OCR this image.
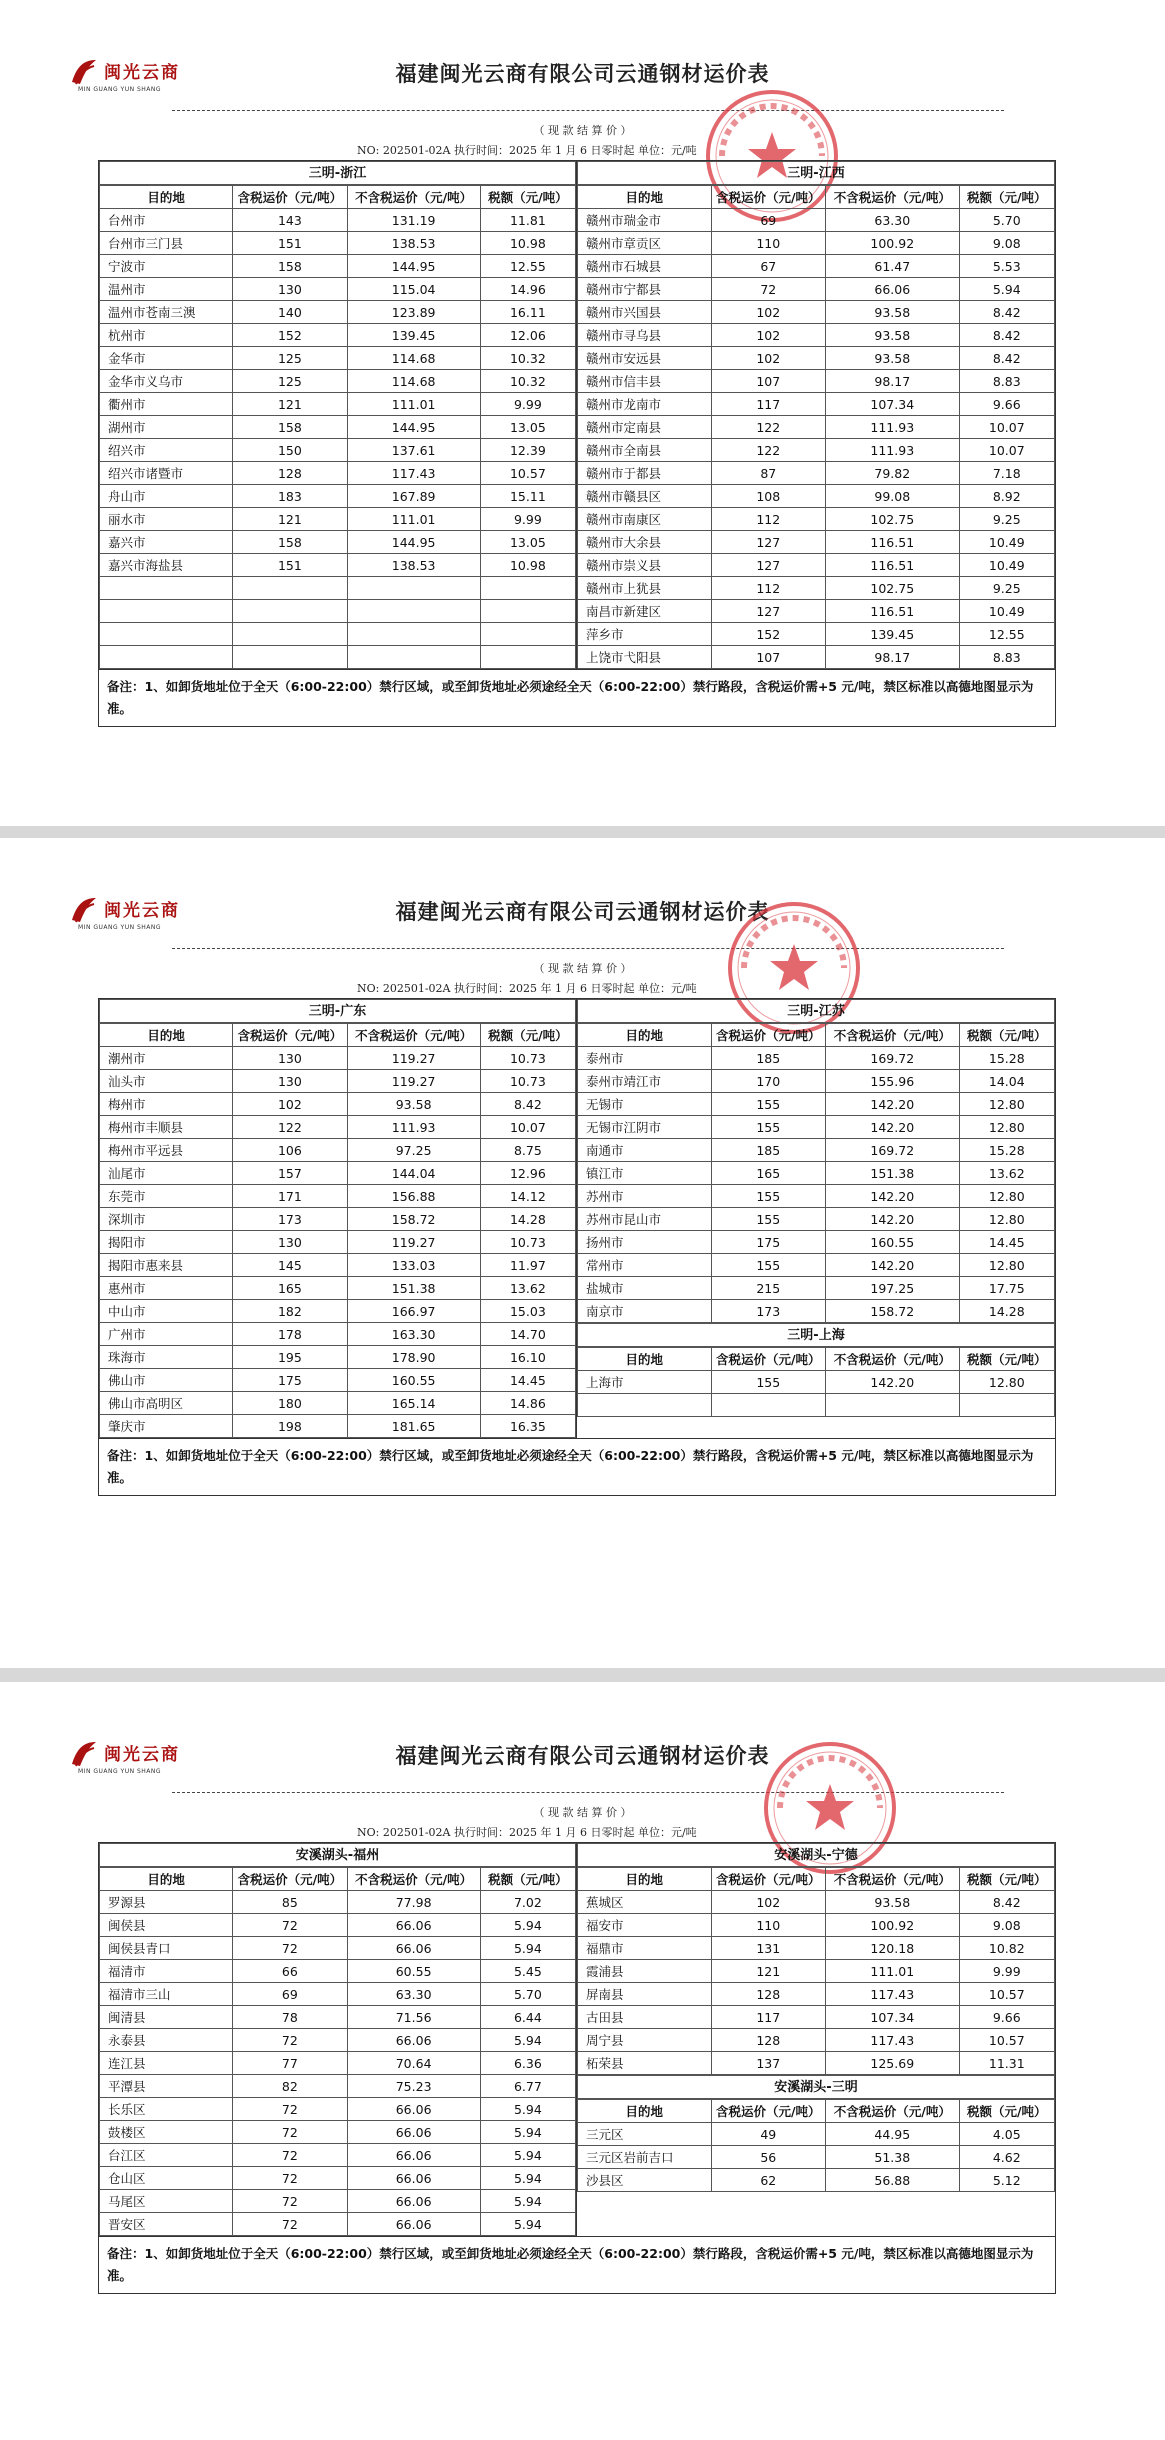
闽光云商
MIN GUANG YUN SHANG
福建闽光云商有限公司云通钢材运价表
（ 现 款 结 算 价 ）
NO: 202501-02A 执行时间：2025 年 1 月 6 日零时起 单位：元/吨
三明-浙江
目的地	含税运价（元/吨）	不含税运价（元/吨）	税额（元/吨）
台州市	143	131.19	11.81
台州市三门县	151	138.53	10.98
宁波市	158	144.95	12.55
温州市	130	115.04	14.96
温州市苍南三澳	140	123.89	16.11
杭州市	152	139.45	12.06
金华市	125	114.68	10.32
金华市义乌市	125	114.68	10.32
衢州市	121	111.01	9.99
湖州市	158	144.95	13.05
绍兴市	150	137.61	12.39
绍兴市诸暨市	128	117.43	10.57
舟山市	183	167.89	15.11
丽水市	121	111.01	9.99
嘉兴市	158	144.95	13.05
嘉兴市海盐县	151	138.53	10.98

三明-江西
目的地	含税运价（元/吨）	不含税运价（元/吨）	税额（元/吨）
赣州市瑞金市	69	63.30	5.70
赣州市章贡区	110	100.92	9.08
赣州市石城县	67	61.47	5.53
赣州市宁都县	72	66.06	5.94
赣州市兴国县	102	93.58	8.42
赣州市寻乌县	102	93.58	8.42
赣州市安远县	102	93.58	8.42
赣州市信丰县	107	98.17	8.83
赣州市龙南市	117	107.34	9.66
赣州市定南县	122	111.93	10.07
赣州市全南县	122	111.93	10.07
赣州市于都县	87	79.82	7.18
赣州市赣县区	108	99.08	8.92
赣州市南康区	112	102.75	9.25
赣州市大余县	127	116.51	10.49
赣州市崇义县	127	116.51	10.49
赣州市上犹县	112	102.75	9.25
南昌市新建区	127	116.51	10.49
萍乡市	152	139.45	12.55
上饶市弋阳县	107	98.17	8.83
备注：1、如卸货地址位于全天（6:00-22:00）禁行区域，或至卸货地址必须途经全天（6:00-22:00）禁行路段，含税运价需+5 元/吨，禁区标准以高德地图显示为准。
闽光云商
MIN GUANG YUN SHANG
福建闽光云商有限公司云通钢材运价表
（ 现 款 结 算 价 ）
NO: 202501-02A 执行时间：2025 年 1 月 6 日零时起 单位：元/吨
三明-广东
目的地	含税运价（元/吨）	不含税运价（元/吨）	税额（元/吨）
潮州市	130	119.27	10.73
汕头市	130	119.27	10.73
梅州市	102	93.58	8.42
梅州市丰顺县	122	111.93	10.07
梅州市平远县	106	97.25	8.75
汕尾市	157	144.04	12.96
东莞市	171	156.88	14.12
深圳市	173	158.72	14.28
揭阳市	130	119.27	10.73
揭阳市惠来县	145	133.03	11.97
惠州市	165	151.38	13.62
中山市	182	166.97	15.03
广州市	178	163.30	14.70
珠海市	195	178.90	16.10
佛山市	175	160.55	14.45
佛山市高明区	180	165.14	14.86
肇庆市	198	181.65	16.35
三明-江苏
目的地	含税运价（元/吨）	不含税运价（元/吨）	税额（元/吨）
泰州市	185	169.72	15.28
泰州市靖江市	170	155.96	14.04
无锡市	155	142.20	12.80
无锡市江阴市	155	142.20	12.80
南通市	185	169.72	15.28
镇江市	165	151.38	13.62
苏州市	155	142.20	12.80
苏州市昆山市	155	142.20	12.80
扬州市	175	160.55	14.45
常州市	155	142.20	12.80
盐城市	215	197.25	17.75
南京市	173	158.72	14.28
三明-上海
目的地	含税运价（元/吨）	不含税运价（元/吨）	税额（元/吨）
上海市	155	142.20	12.80

备注：1、如卸货地址位于全天（6:00-22:00）禁行区域，或至卸货地址必须途经全天（6:00-22:00）禁行路段，含税运价需+5 元/吨，禁区标准以高德地图显示为准。
闽光云商
MIN GUANG YUN SHANG
福建闽光云商有限公司云通钢材运价表
（ 现 款 结 算 价 ）
NO: 202501-02A 执行时间：2025 年 1 月 6 日零时起 单位：元/吨
安溪湖头-福州
目的地	含税运价（元/吨）	不含税运价（元/吨）	税额（元/吨）
罗源县	85	77.98	7.02
闽侯县	72	66.06	5.94
闽侯县青口	72	66.06	5.94
福清市	66	60.55	5.45
福清市三山	69	63.30	5.70
闽清县	78	71.56	6.44
永泰县	72	66.06	5.94
连江县	77	70.64	6.36
平潭县	82	75.23	6.77
长乐区	72	66.06	5.94
鼓楼区	72	66.06	5.94
台江区	72	66.06	5.94
仓山区	72	66.06	5.94
马尾区	72	66.06	5.94
晋安区	72	66.06	5.94
安溪湖头-宁德
目的地	含税运价（元/吨）	不含税运价（元/吨）	税额（元/吨）
蕉城区	102	93.58	8.42
福安市	110	100.92	9.08
福鼎市	131	120.18	10.82
霞浦县	121	111.01	9.99
屏南县	128	117.43	10.57
古田县	117	107.34	9.66
周宁县	128	117.43	10.57
柘荣县	137	125.69	11.31
安溪湖头-三明
目的地	含税运价（元/吨）	不含税运价（元/吨）	税额（元/吨）
三元区	49	44.95	4.05
三元区岩前吉口	56	51.38	4.62
沙县区	62	56.88	5.12
备注：1、如卸货地址位于全天（6:00-22:00）禁行区域，或至卸货地址必须途经全天（6:00-22:00）禁行路段，含税运价需+5 元/吨，禁区标准以高德地图显示为准。
